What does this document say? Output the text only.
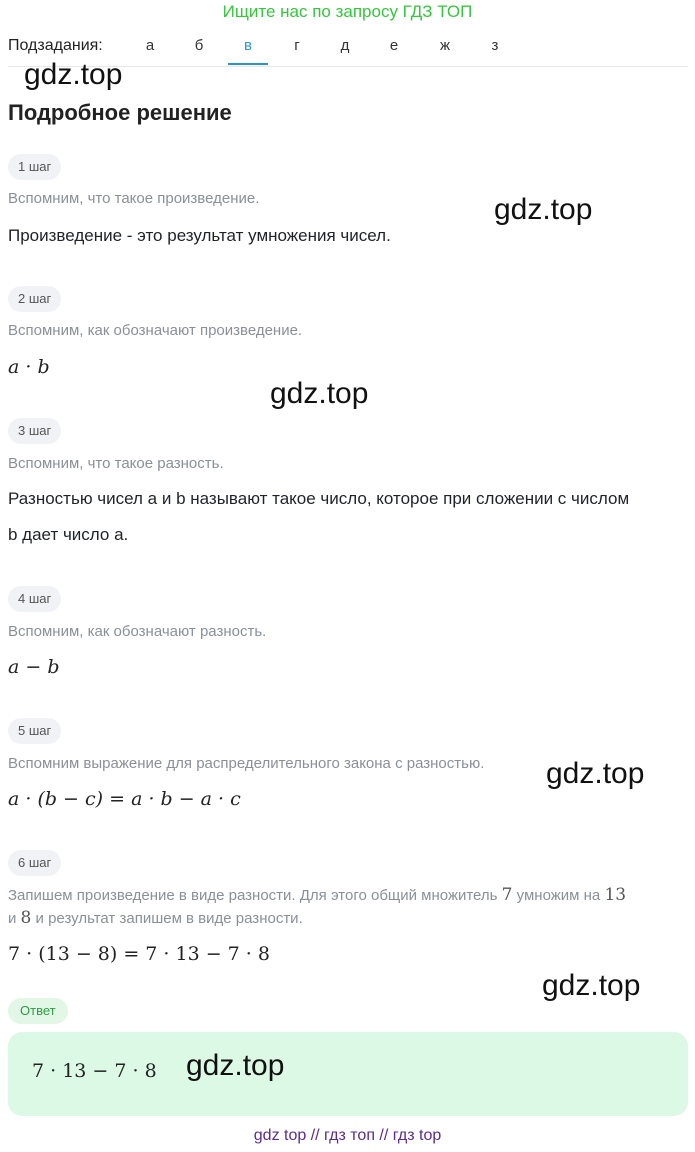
Ищите нас по запросу ГДЗ ТОП
Подзадания:	а	б	в	г	д	е	ж	з
gdz.top
Подробное решение
1 шаг
Вспомним, что такое произведение.	gdz.top
Произведение - это результат умножения чисел.
2 шаг
Вспомним, как обозначают произведение.
a · b
gdz.top
3 шаг
Вспомним, что такое разность.
Разностью чисел a и b называют такое число, которое при сложении с числом
b дает число a.
4 шаг
Вспомним, как обозначают разность.
a − b
5 шаг
Вспомним выражение для распределительного закона с разностью. gdz.top
a · (b − c) = a · b − a · c
6 шаг
Запишем произведение в виде разности. Для этого общий множитель 7 умножим на 13
и 8 и результат запишем в виде разности.
7 · (13 − 8) = 7 · 13 − 7 · 8
gdz.top
Ответ
7 · 13 − 7 · 8 gdz.top
gdz top // гдз топ // гдз top
